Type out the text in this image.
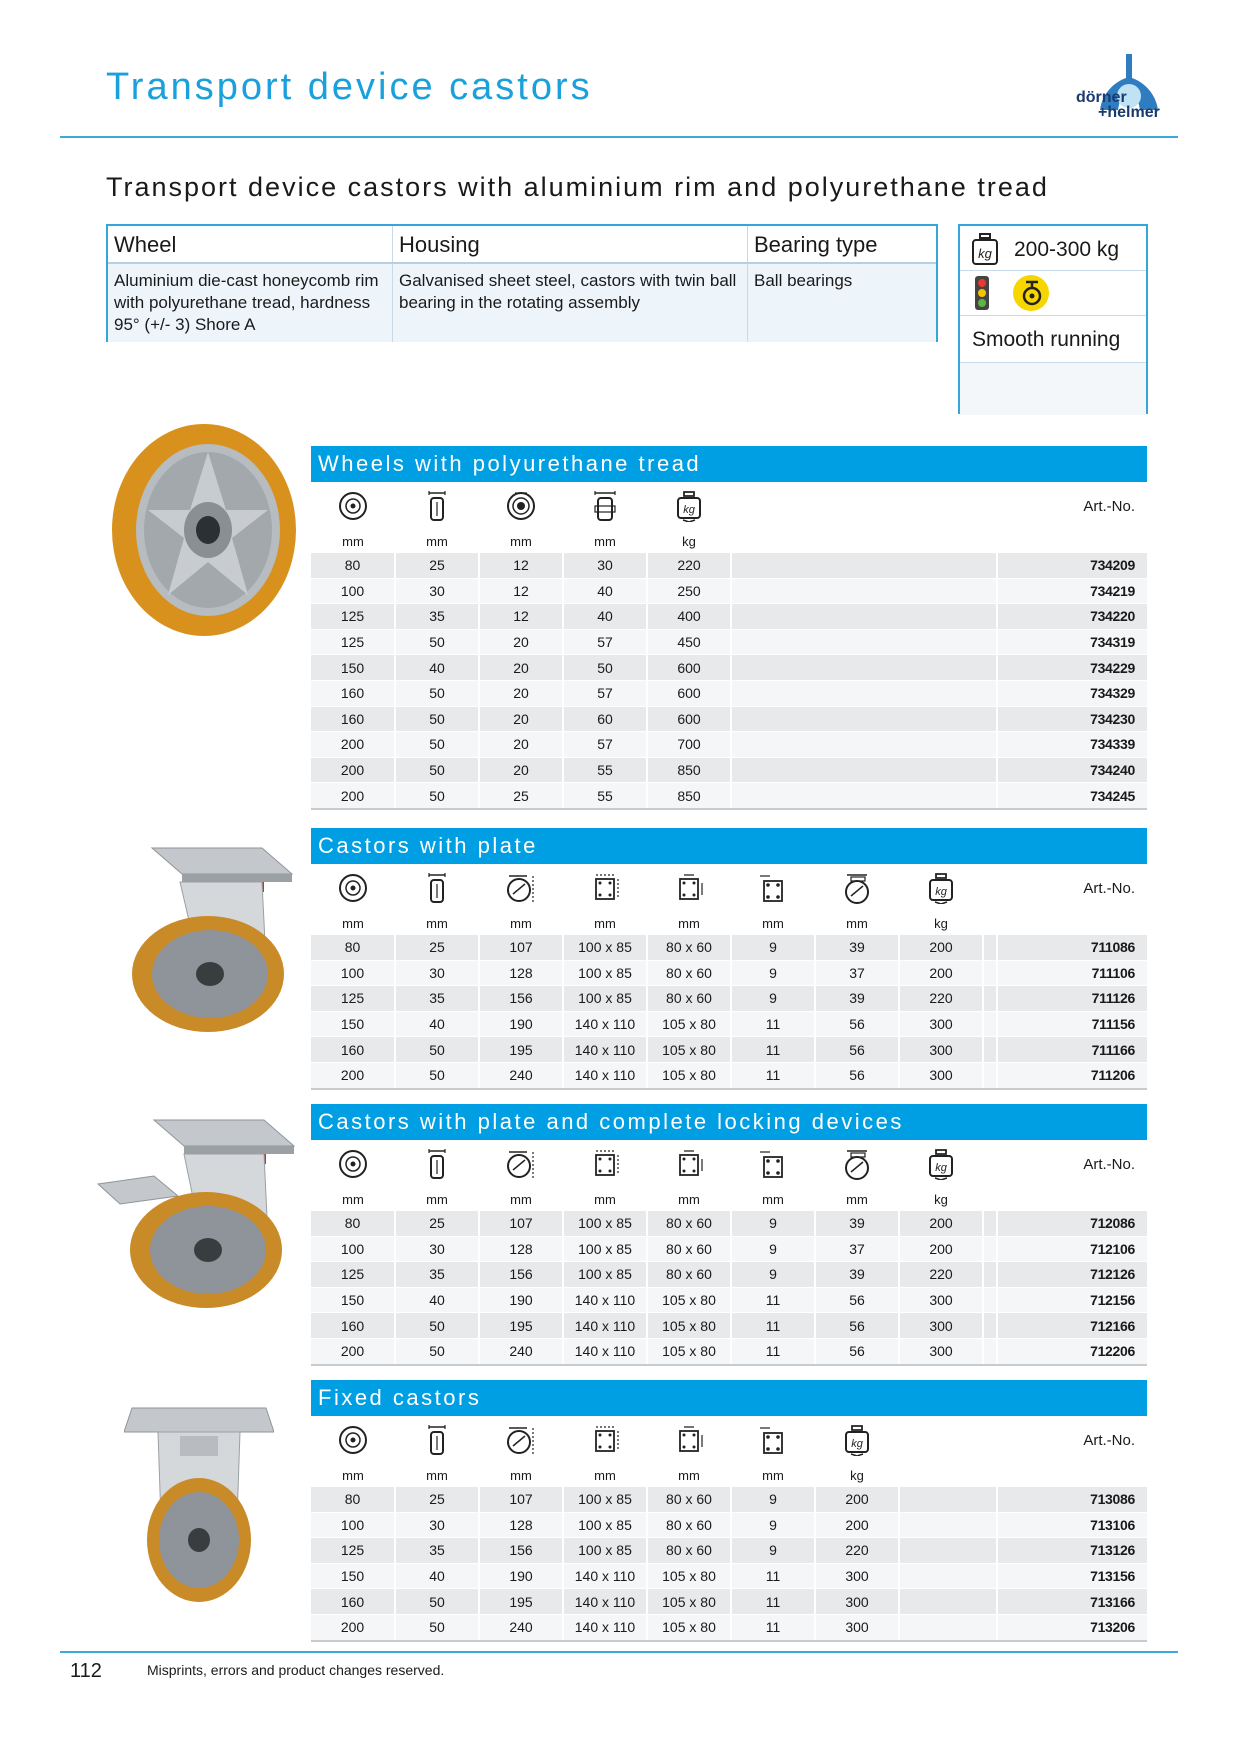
Transport device castors	dörner
+helmer
Transport device castors with aluminium rim and polyurethane tread
Wheel	Housing	Bearing type
Aluminium die-cast honeycomb rim with polyurethane tread, hardness 95° (+/- 3) Shore A	Galvanised sheet steel, castors with twin ball bearing in the rotating assembly	Ball bearings
kg 200-300 kg
Smooth running
Wheels with polyurethane tread
kg	Art.-No.
mm	mm	mm	mm	kg
80	25	12	30	220		734209
100	30	12	40	250		734219
125	35	12	40	400		734220
125	50	20	57	450		734319
150	40	20	50	600		734229
160	50	20	57	600		734329
160	50	20	60	600		734230
200	50	20	57	700		734339
200	50	20	55	850		734240
200	50	25	55	850		734245
Castors with plate
kg	Art.-No.
mm	mm	mm	mm	mm	mm	mm	kg
80	25	107	100 x 85	80 x 60	9	39	200		711086
100	30	128	100 x 85	80 x 60	9	37	200		711106
125	35	156	100 x 85	80 x 60	9	39	220		711126
150	40	190	140 x 110	105 x 80	11	56	300		711156
160	50	195	140 x 110	105 x 80	11	56	300		711166
200	50	240	140 x 110	105 x 80	11	56	300		711206
Castors with plate and complete locking devices
kg	Art.-No.
mm	mm	mm	mm	mm	mm	mm	kg
80	25	107	100 x 85	80 x 60	9	39	200		712086
100	30	128	100 x 85	80 x 60	9	37	200		712106
125	35	156	100 x 85	80 x 60	9	39	220		712126
150	40	190	140 x 110	105 x 80	11	56	300		712156
160	50	195	140 x 110	105 x 80	11	56	300		712166
200	50	240	140 x 110	105 x 80	11	56	300		712206
Fixed castors
kg	Art.-No.
mm	mm	mm	mm	mm	mm	kg
80	25	107	100 x 85	80 x 60	9	200		713086
100	30	128	100 x 85	80 x 60	9	200		713106
125	35	156	100 x 85	80 x 60	9	220		713126
150	40	190	140 x 110	105 x 80	11	300		713156
160	50	195	140 x 110	105 x 80	11	300		713166
200	50	240	140 x 110	105 x 80	11	300		713206
112	Misprints, errors and product changes reserved.
